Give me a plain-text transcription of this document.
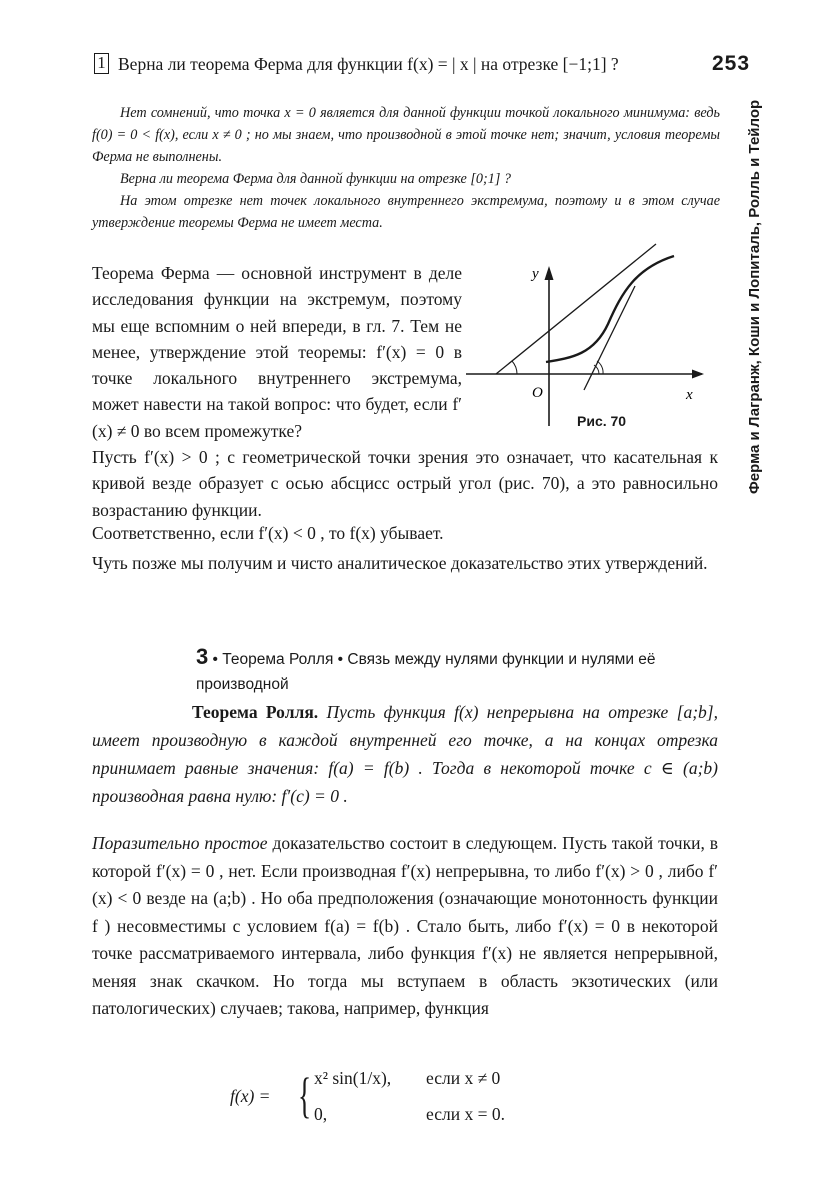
1 Верна ли теорема Ферма для функции f(x) = | x | на отрезке [−1;1] ?	253
Ферма и Лагранж, Коши и Лопиталь, Ролль и Тейлор

Нет сомнений, что точка x = 0 является для данной функции точкой локального минимума: ведь f(0) = 0 < f(x), если x ≠ 0 ; но мы знаем, что производной в этой точке нет; значит, условия теоремы Ферма не выполнены.

Верна ли теорема Ферма для данной функции на отрезке [0;1] ?

На этом отрезке нет точек локального внутреннего экстремума, поэтому и в этом случае утверждение теоремы Ферма не имеет места.

Теорема Ферма — основной инструмент в деле исследования функции на экстремум, поэтому мы еще вспомним о ней впереди, в гл. 7. Тем не менее, утверждение этой теоремы: f′(x) = 0 в точке локального внутреннего экстремума, может навести на такой вопрос: что будет, если f′(x) ≠ 0 во всем промежутке?

y
x
O
Рис. 70

Пусть f′(x) > 0 ; с геометрической точки зрения это означает, что касательная к кривой везде образует с осью абсцисс острый угол (рис. 70), а это равносильно возрастанию функции.

Соответственно, если f′(x) < 0 , то f(x) убывает.

Чуть позже мы получим и чисто аналитическое доказательство этих утверждений.

3 • Теорема Ролля • Связь между нулями функции и нулями её производной
Теорема Ролля. Пусть функция f(x) непрерывна на отрезке [a;b], имеет производную в каждой внутренней его точке, а на концах отрезка принимает равные значения: f(a) = f(b) . Тогда в некоторой точке c ∈ (a;b) производная равна нулю: f′(c) = 0 .
Поразительно простое доказательство состоит в следующем. Пусть такой точки, в которой f′(x) = 0 , нет. Если производная f′(x) непрерывна, то либо f′(x) > 0 , либо f′(x) < 0 везде на (a;b) . Но оба предположения (означающие монотонность функции f ) несовместимы с условием f(a) = f(b) . Стало быть, либо f′(x) = 0 в некоторой точке рассматриваемого интервала, либо функция f′(x) не является непрерывной, меняя знак скачком. Но тогда мы вступаем в область экзотических (или патологических) случаев; такова, например, функция
f(x) = { x² sin(1/x),
0,
если x ≠ 0
если x = 0.
